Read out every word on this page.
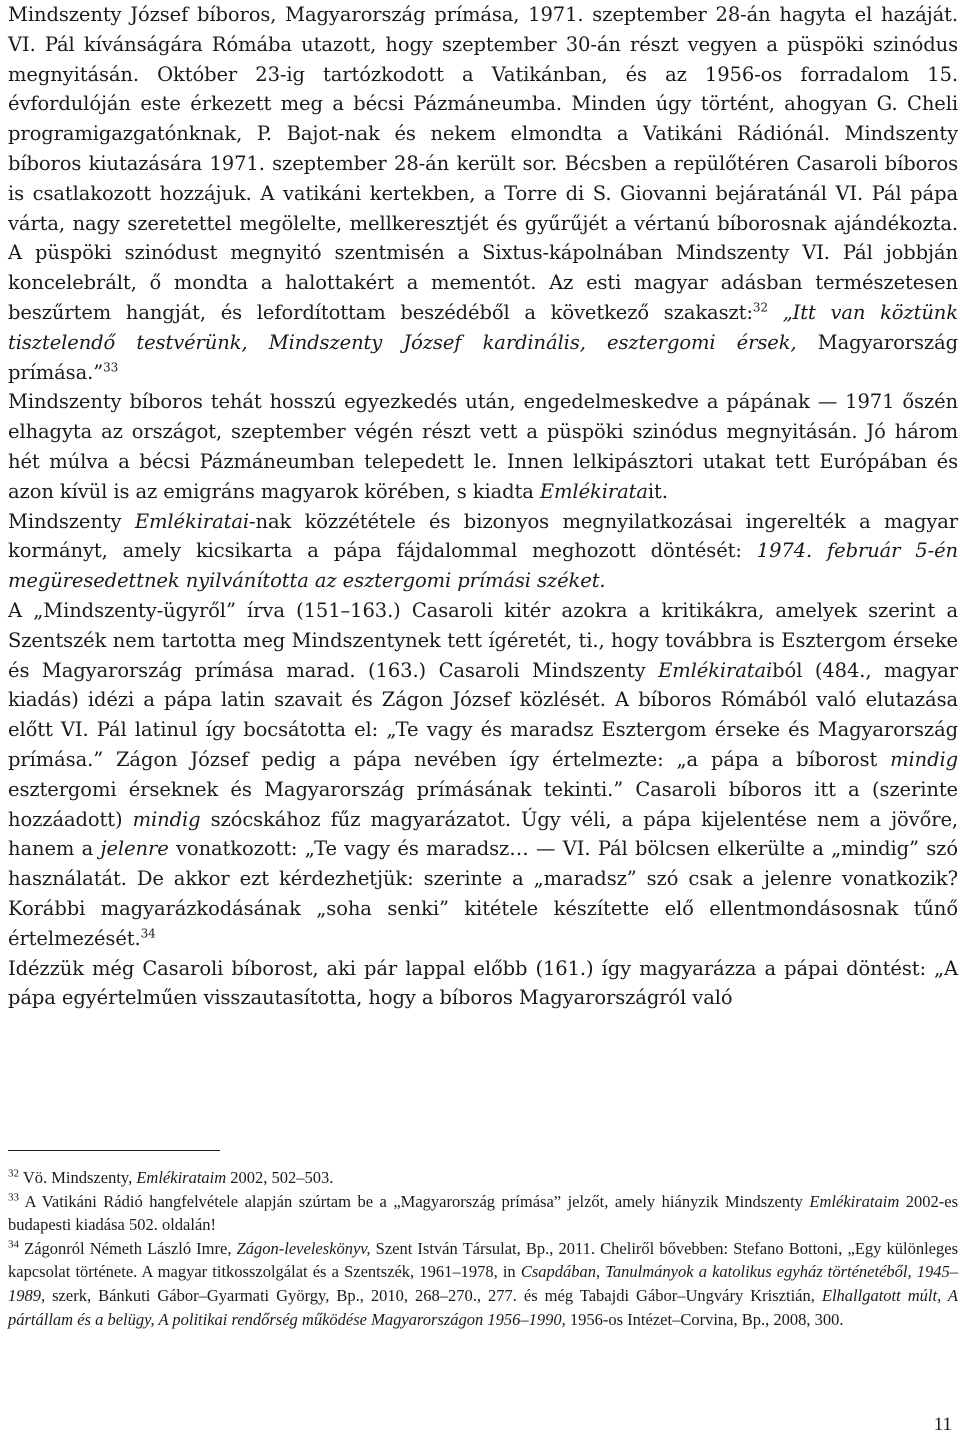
Mindszenty József bíboros, Magyarország prímása, 1971. szeptember 28-án hagyta el hazáját. VI. Pál kívánságára Rómába utazott, hogy szeptember 30-án részt vegyen a püspöki szinódus megnyitásán. Október 23-ig tartózkodott a Vatikánban, és az 1956-os forradalom 15. évfordulóján este érkezett meg a bécsi Pázmáneumba. Minden úgy történt, ahogyan G. Cheli programigazgatónknak, P. Bajot-nak és nekem elmondta a Vatikáni Rádiónál. Mindszenty bíboros kiutazására 1971. szeptember 28-án került sor. Bécsben a repülőtéren Casaroli bíboros is csatlakozott hozzájuk. A vatikáni kertekben, a Torre di S. Giovanni bejáratánál VI. Pál pápa várta, nagy szeretettel megölelte, mellkeresztjét és gyűrűjét a vértanú bíborosnak ajándékozta. A püspöki szinódust megnyitó szentmisén a Sixtus-kápolnában Mindszenty VI. Pál jobbján koncelebrált, ő mondta a halottakért a mementót. Az esti magyar adásban természetesen beszűrtem hangját, és lefordítottam beszédéből a következő szakaszt:$^{32}$ „Itt van köztünk tisztelendő testvérünk, Mindszenty József kardinális, esztergomi érsek, Magyarország prímása.”$^{33}$

Mindszenty bíboros tehát hosszú egyezkedés után, engedelmeskedve a pápának — 1971 őszén elhagyta az országot, szeptember végén részt vett a püspöki szinódus megnyitásán. Jó három hét múlva a bécsi Pázmáneumban telepedett le. Innen lelkipásztori utakat tett Európában és azon kívül is az emigráns magyarok körében, s kiadta Emlékiratait.

Mindszenty Emlékiratai-nak közzététele és bizonyos megnyilatkozásai ingerelték a magyar kormányt, amely kicsikarta a pápa fájdalommal meghozott döntését: 1974. február 5-én megüresedettnek nyilvánította az esztergomi prímási széket.

A „Mindszenty-ügyről” írva (151–163.) Casaroli kitér azokra a kritikákra, amelyek szerint a Szentszék nem tartotta meg Mindszentynek tett ígéretét, ti., hogy továbbra is Esztergom érseke és Magyarország prímása marad. (163.) Casaroli Mindszenty Emlékirataiból (484., magyar kiadás) idézi a pápa latin szavait és Zágon József közlését. A bíboros Rómából való elutazása előtt VI. Pál latinul így bocsátotta el: „Te vagy és maradsz Esztergom érseke és Magyarország prímása.” Zágon József pedig a pápa nevében így értelmezte: „a pápa a bíborost mindig esztergomi érseknek és Magyarország prímásának tekinti.” Casaroli bíboros itt a (szerinte hozzáadott) mindig szócskához fűz magyarázatot. Úgy véli, a pápa kijelentése nem a jövőre, hanem a jelenre vonatkozott: „Te vagy és maradsz… — VI. Pál bölcsen elkerülte a „mindig” szó használatát. De akkor ezt kérdezhetjük: szerinte a „maradsz” szó csak a jelenre vonatkozik? Korábbi magyarázkodásának „soha senki” kitétele készítette elő ellentmondásosnak tűnő értelmezését.$^{34}$

Idézzük még Casaroli bíborost, aki pár lappal előbb (161.) így magyarázza a pápai döntést: „A pápa egyértelműen visszautasította, hogy a bíboros Magyarországról való

$^{32}$ Vö. Mindszenty, Emlékirataim 2002, 502–503.

$^{33}$ A Vatikáni Rádió hangfelvétele alapján szúrtam be a „Magyarország prímása” jelzőt, amely hiányzik Mindszenty Emlékirataim 2002-es budapesti kiadása 502. oldalán!

$^{34}$ Zágonról Németh László Imre, Zágon-leveleskönyv, Szent István Társulat, Bp., 2011. Cheliről bővebben: Stefano Bottoni, „Egy különleges kapcsolat története. A magyar titkosszolgálat és a Szentszék, 1961–1978, in Csapdában, Tanulmányok a katolikus egyház történetéből, 1945–1989, szerk, Bánkuti Gábor–Gyarmati György, Bp., 2010, 268–270., 277. és még Tabajdi Gábor–Ungváry Krisztián, Elhallgatott múlt, A pártállam és a belügy, A politikai rendőrség működése Magyarországon 1956–1990, 1956-os Intézet–Corvina, Bp., 2008, 300.

11
